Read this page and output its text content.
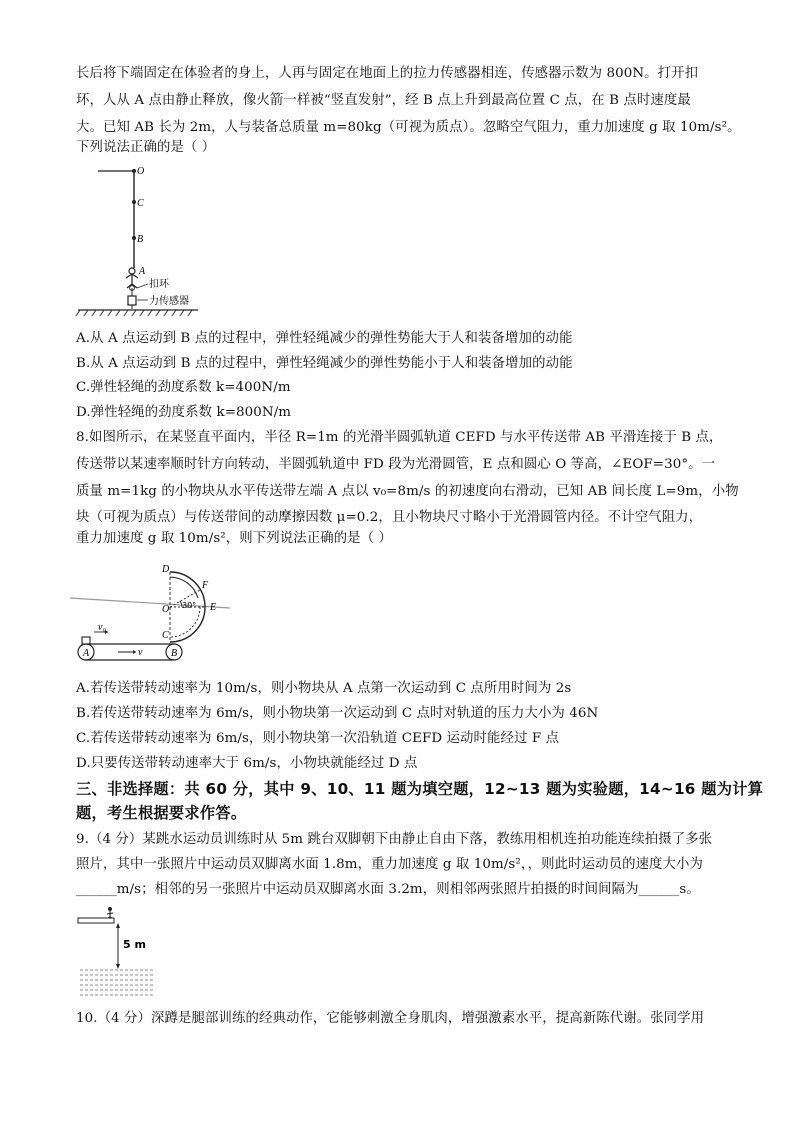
长后将下端固定在体验者的身上，人再与固定在地面上的拉力传感器相连，传感器示数为 800N。打开扣
环，人从 A 点由静止释放，像火箭一样被“竖直发射”，经 B 点上升到最高位置 C 点，在 B 点时速度最
大。已知 AB 长为 2m，人与装备总质量 m=80kg（可视为质点）。忽略空气阻力，重力加速度 g 取 10m/s²。
下列说法正确的是（ ）
O
C
B
A
扣环
力传感器
A.从 A 点运动到 B 点的过程中，弹性轻绳减少的弹性势能大于人和装备增加的动能
B.从 A 点运动到 B 点的过程中，弹性轻绳减少的弹性势能小于人和装备增加的动能
C.弹性轻绳的劲度系数 k=400N/m
D.弹性轻绳的劲度系数 k=800N/m
8.如图所示，在某竖直平面内，半径 R=1m 的光滑半圆弧轨道 CEFD 与水平传送带 AB 平滑连接于 B 点，
传送带以某速率顺时针方向转动，半圆弧轨道中 FD 段为光滑圆管，E 点和圆心 O 等高，∠EOF=30°。一
质量 m=1kg 的小物块从水平传送带左端 A 点以 v₀=8m/s 的初速度向右滑动，已知 AB 间长度 L=9m，小物
块（可视为质点）与传送带间的动摩擦因数 μ=0.2，且小物块尺寸略小于光滑圆管内径。不计空气阻力，
重力加速度 g 取 10m/s²，则下列说法正确的是（ ）
D
F
O	E
C
A	B
30°
v₀
v
A.若传送带转动速率为 10m/s，则小物块从 A 点第一次运动到 C 点所用时间为 2s
B.若传送带转动速率为 6m/s，则小物块第一次运动到 C 点时对轨道的压力大小为 46N
C.若传送带转动速率为 6m/s，则小物块第一次沿轨道 CEFD 运动时能经过 F 点
D.只要传送带转动速率大于 6m/s，小物块就能经过 D 点
三、非选择题：共 60 分，其中 9、10、11 题为填空题，12~13 题为实验题，14~16 题为计算
题，考生根据要求作答。
9.（4 分）某跳水运动员训练时从 5m 跳台双脚朝下由静止自由下落，教练用相机连拍功能连续拍摄了多张
照片，其中一张照片中运动员双脚离水面 1.8m，重力加速度 g 取 10m/s²，，则此时运动员的速度大小为
______m/s；相邻的另一张照片中运动员双脚离水面 3.2m，则相邻两张照片拍摄的时间间隔为______s。
5 m
10.（4 分）深蹲是腿部训练的经典动作，它能够刺激全身肌肉，增强激素水平，提高新陈代谢。张同学用
